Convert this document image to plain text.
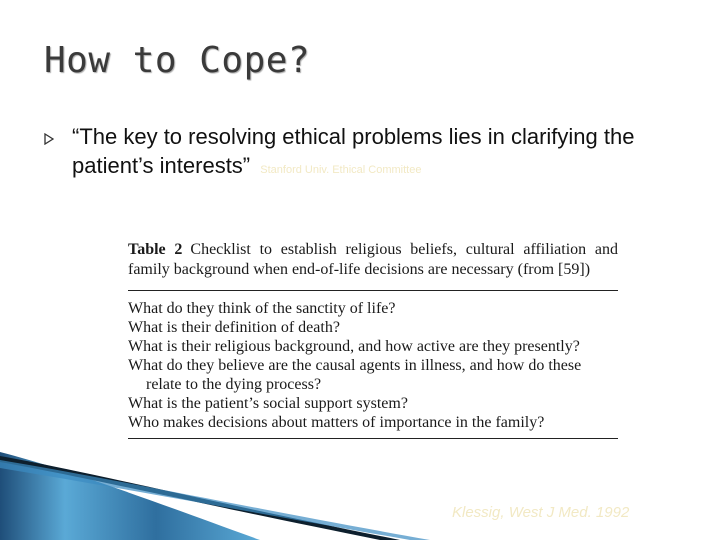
How to Cope?
“The key to resolving ethical problems lies in clarifying the patient’s interests” Stanford Univ. Ethical Committee
Table 2 Checklist to establish religious beliefs, cultural affiliation and family background when end-of-life decisions are necessary (from [59])
What do they think of the sanctity of life?
What is their definition of death?
What is their religious background, and how active are they presently?
What do they believe are the causal agents in illness, and how do these relate to the dying process?
What is the patient’s social support system?
Who makes decisions about matters of importance in the family?
Klessig, West J Med. 1992
